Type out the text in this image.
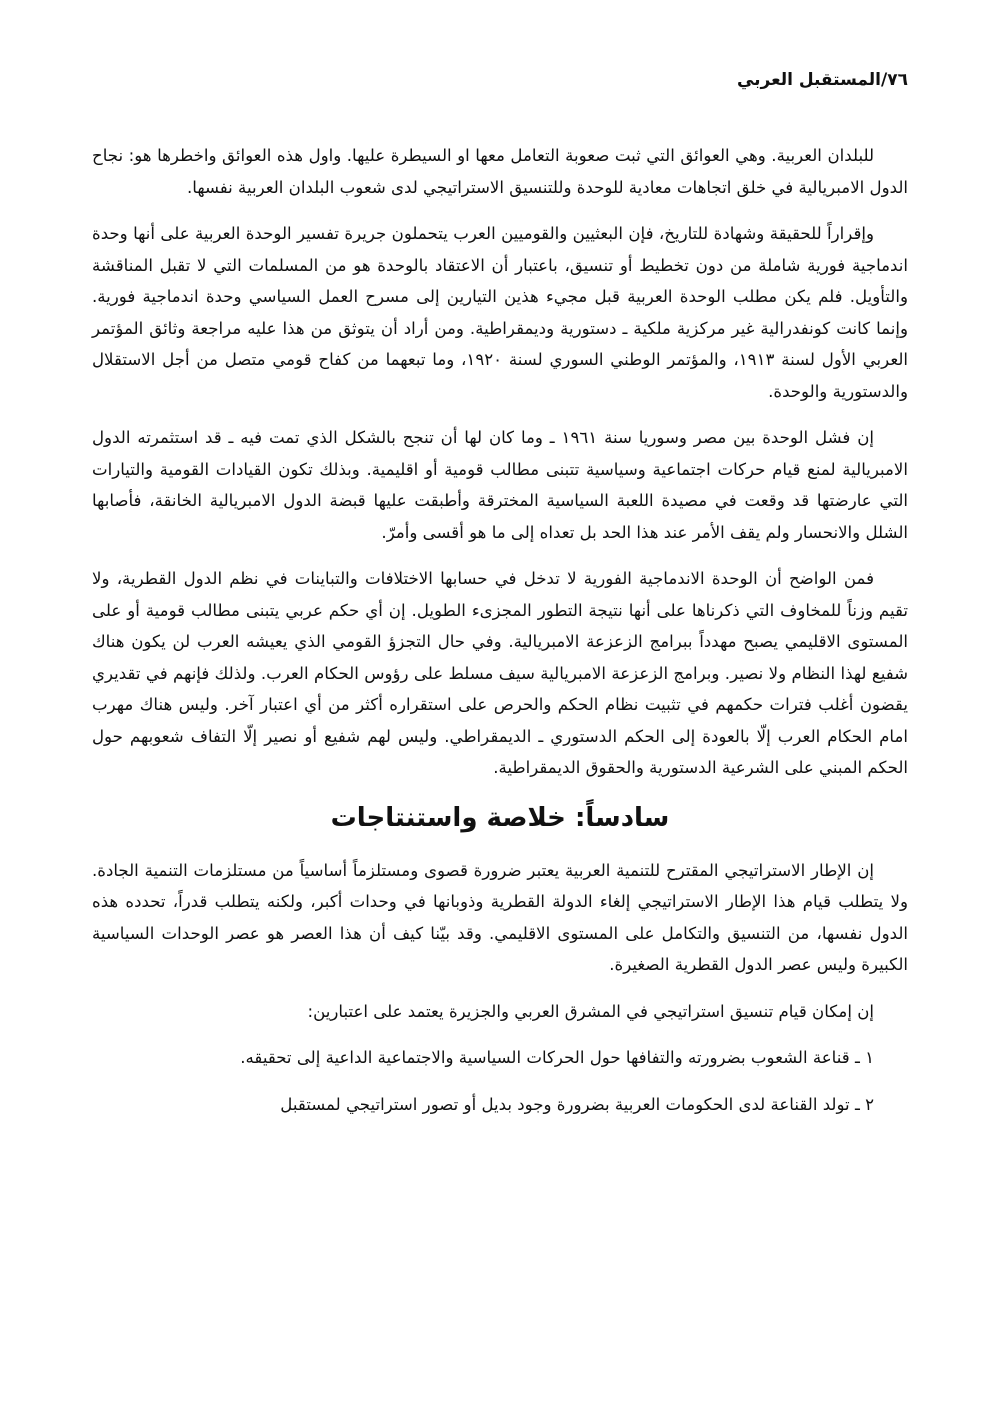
٧٦/المستقبل العربي

للبلدان العربية. وهي العوائق التي ثبت صعوبة التعامل معها او السيطرة عليها. واول هذه العوائق واخطرها هو: نجاح الدول الامبريالية في خلق اتجاهات معادية للوحدة وللتنسيق الاستراتيجي لدى شعوب البلدان العربية نفسها.

وإقراراً للحقيقة وشهادة للتاريخ، فإن البعثيين والقوميين العرب يتحملون جريرة تفسير الوحدة العربية على أنها وحدة اندماجية فورية شاملة من دون تخطيط أو تنسيق، باعتبار أن الاعتقاد بالوحدة هو من المسلمات التي لا تقبل المناقشة والتأويل. فلم يكن مطلب الوحدة العربية قبل مجيء هذين التيارين إلى مسرح العمل السياسي وحدة اندماجية فورية. وإنما كانت كونفدرالية غير مركزية ملكية ـ دستورية وديمقراطية. ومن أراد أن يتوثق من هذا عليه مراجعة وثائق المؤتمر العربي الأول لسنة ١٩١٣، والمؤتمر الوطني السوري لسنة ١٩٢٠، وما تبعهما من كفاح قومي متصل من أجل الاستقلال والدستورية والوحدة.

إن فشل الوحدة بين مصر وسوريا سنة ١٩٦١ ـ وما كان لها أن تنجح بالشكل الذي تمت فيه ـ قد استثمرته الدول الامبريالية لمنع قيام حركات اجتماعية وسياسية تتبنى مطالب قومية أو اقليمية. وبذلك تكون القيادات القومية والتيارات التي عارضتها قد وقعت في مصيدة اللعبة السياسية المخترقة وأطبقت عليها قبضة الدول الامبريالية الخانقة، فأصابها الشلل والانحسار ولم يقف الأمر عند هذا الحد بل تعداه إلى ما هو أقسى وأمرّ.

فمن الواضح أن الوحدة الاندماجية الفورية لا تدخل في حسابها الاختلافات والتباينات في نظم الدول القطرية، ولا تقيم وزناً للمخاوف التي ذكرناها على أنها نتيجة التطور المجزىء الطويل. إن أي حكم عربي يتبنى مطالب قومية أو على المستوى الاقليمي يصبح مهدداً ببرامج الزعزعة الامبريالية. وفي حال التجزؤ القومي الذي يعيشه العرب لن يكون هناك شفيع لهذا النظام ولا نصير. وبرامج الزعزعة الامبريالية سيف مسلط على رؤوس الحكام العرب. ولذلك فإنهم في تقديري يقضون أغلب فترات حكمهم في تثبيت نظام الحكم والحرص على استقراره أكثر من أي اعتبار آخر. وليس هناك مهرب امام الحكام العرب إلّا بالعودة إلى الحكم الدستوري ـ الديمقراطي. وليس لهم شفيع أو نصير إلّا التفاف شعوبهم حول الحكم المبني على الشرعية الدستورية والحقوق الديمقراطية.

سادساً: خلاصة واستنتاجات

إن الإطار الاستراتيجي المقترح للتنمية العربية يعتبر ضرورة قصوى ومستلزماً أساسياً من مستلزمات التنمية الجادة. ولا يتطلب قيام هذا الإطار الاستراتيجي إلغاء الدولة القطرية وذوبانها في وحدات أكبر، ولكنه يتطلب قدراً، تحدده هذه الدول نفسها، من التنسيق والتكامل على المستوى الاقليمي. وقد بيّنا كيف أن هذا العصر هو عصر الوحدات السياسية الكبيرة وليس عصر الدول القطرية الصغيرة.

إن إمكان قيام تنسيق استراتيجي في المشرق العربي والجزيرة يعتمد على اعتبارين:

١ ـ قناعة الشعوب بضرورته والتفافها حول الحركات السياسية والاجتماعية الداعية إلى تحقيقه.

٢ ـ تولد القناعة لدى الحكومات العربية بضرورة وجود بديل أو تصور استراتيجي لمستقبل
